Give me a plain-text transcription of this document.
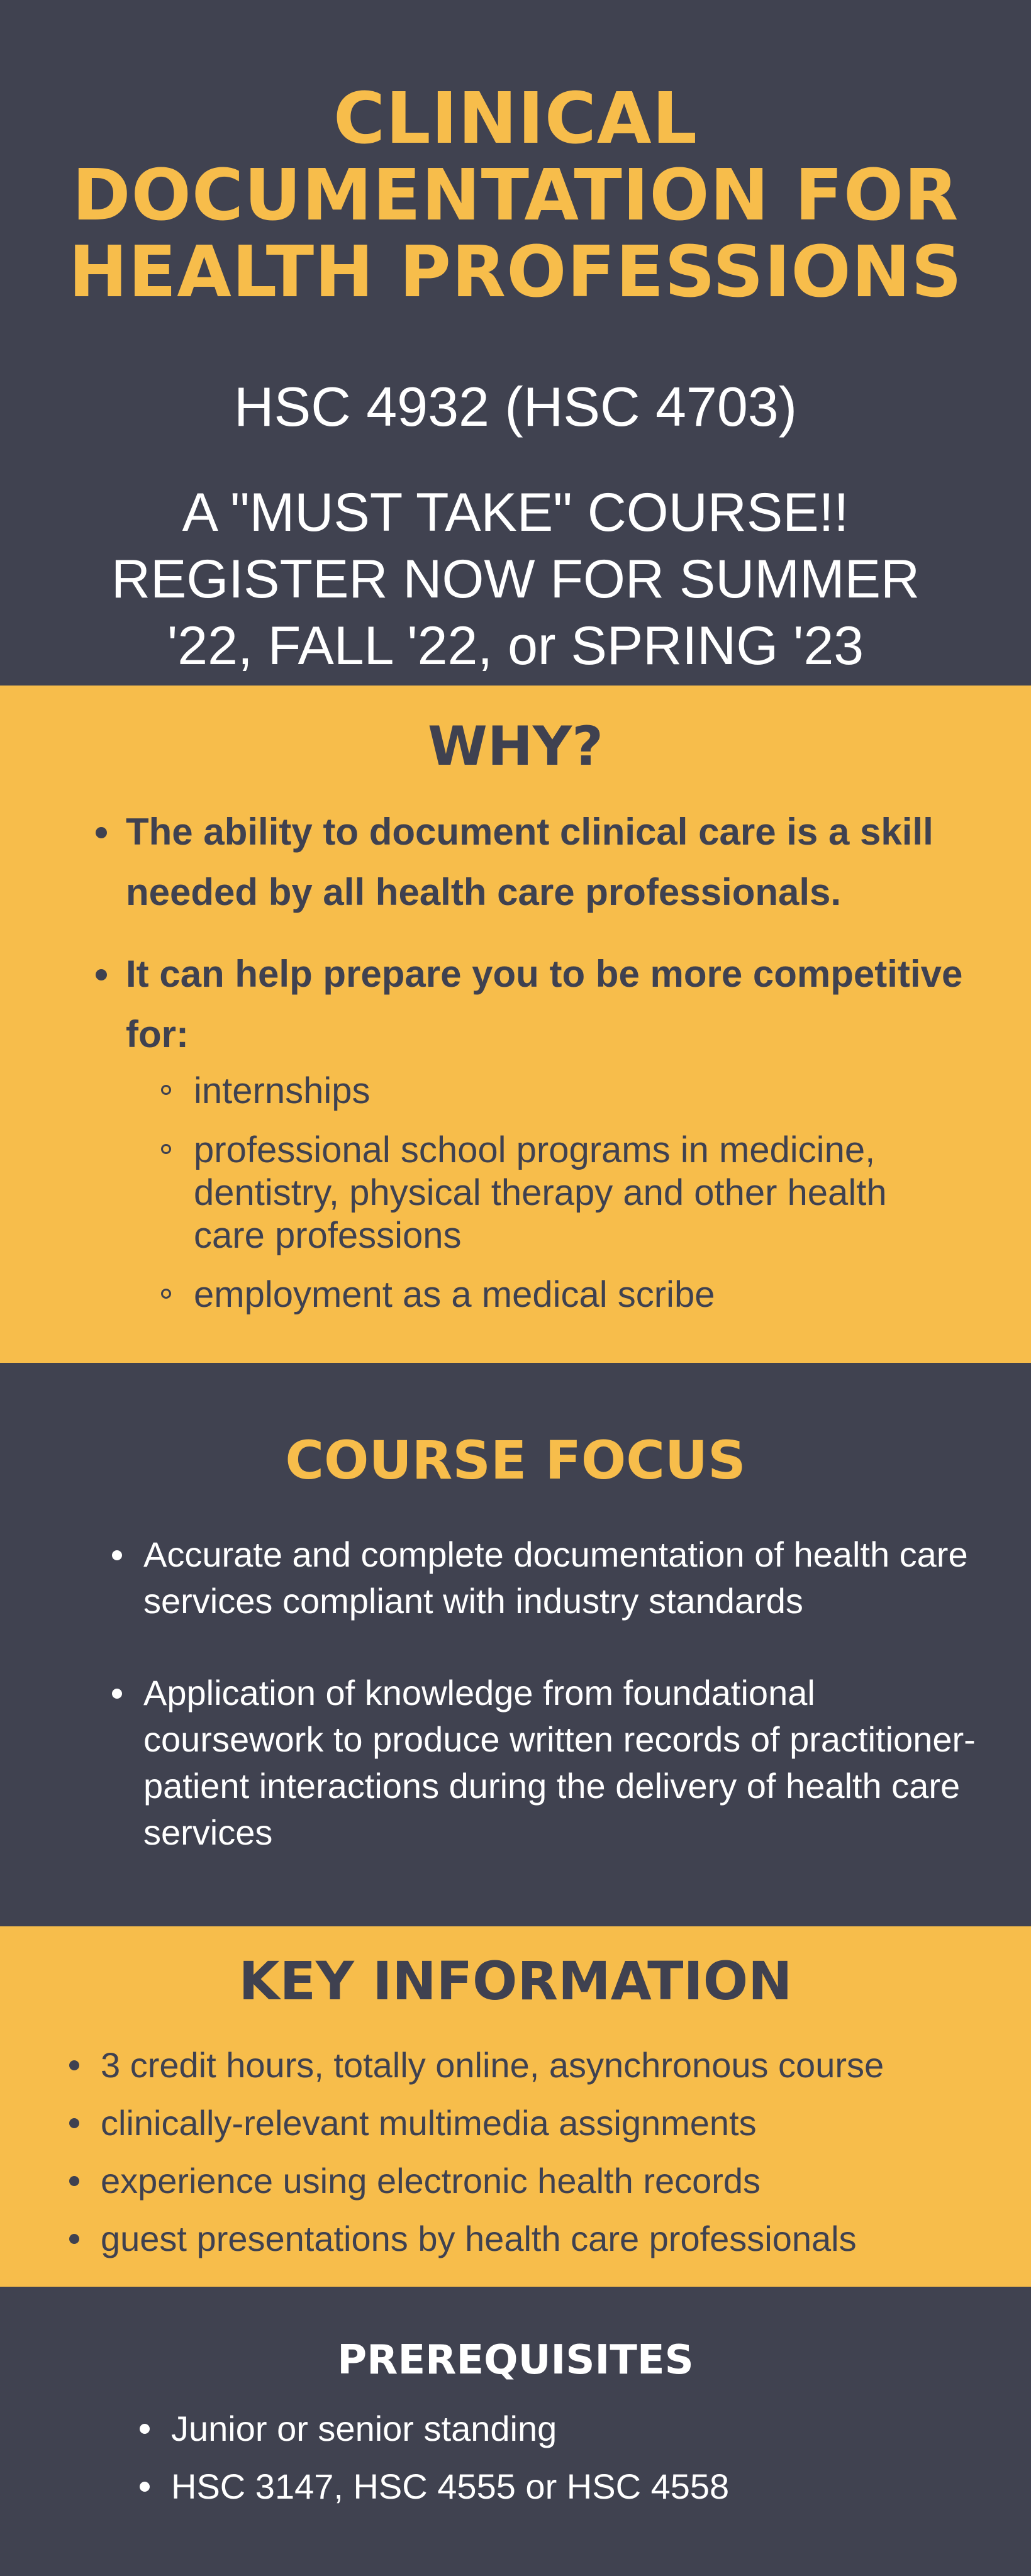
CLINICAL
DOCUMENTATION FOR
HEALTH PROFESSIONS
HSC 4932 (HSC 4703)
A "MUST TAKE" COURSE!!
REGISTER NOW FOR SUMMER
'22, FALL '22, or SPRING '23
WHY?
The ability to document clinical care is a skill needed by all health care professionals.
It can help prepare you to be more competitive for:
internships
professional school programs in medicine, dentistry, physical therapy and other health care professions
employment as a medical scribe
COURSE FOCUS
Accurate and complete documentation of health care services compliant with industry standards
Application of knowledge from foundational coursework to produce written records of practitioner-patient interactions during the delivery of health care services
KEY INFORMATION
3 credit hours, totally online, asynchronous course
clinically-relevant multimedia assignments
experience using electronic health records
guest presentations by health care professionals
PREREQUISITES
Junior or senior standing
HSC 3147, HSC 4555 or HSC 4558
